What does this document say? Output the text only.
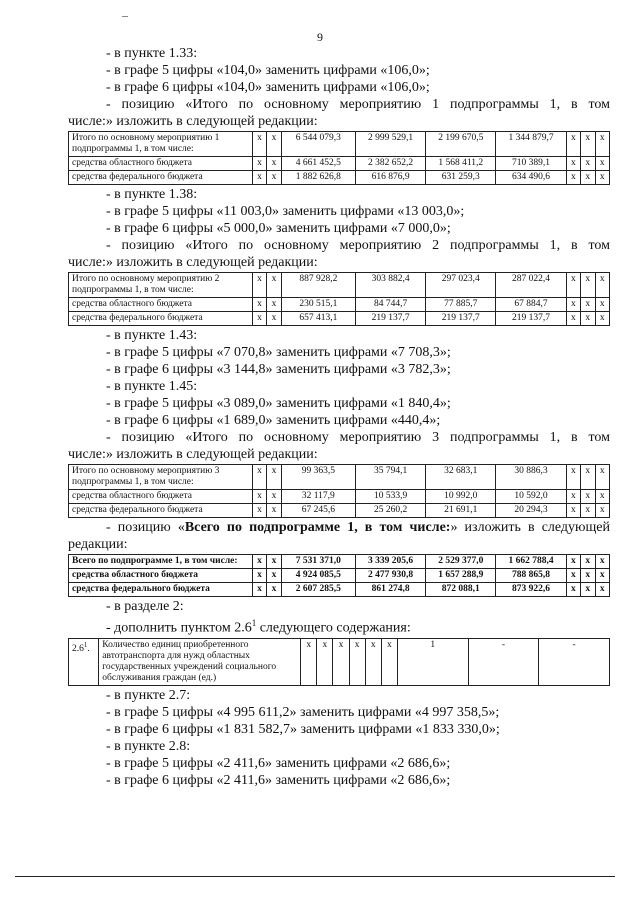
9
- в пункте 1.33:
- в графе 5 цифры «104,0» заменить цифрами «106,0»;
- в графе 6 цифры «104,0» заменить цифрами «106,0»;
- позицию «Итого по основному мероприятию 1 подпрограммы 1, в том
числе:» изложить в следующей редакции:
Итого по основному мероприятию 1 подпрограммы 1, в том числе:	x	x	6 544 079,3	2 999 529,1	2 199 670,5	1 344 879,7	x	x	x
средства областного бюджета	x	x	4 661 452,5	2 382 652,2	1 568 411,2	710 389,1	x	x	x
средства федерального бюджета	x	x	1 882 626,8	616 876,9	631 259,3	634 490,6	x	x	x
- в пункте 1.38:
- в графе 5 цифры «11 003,0» заменить цифрами «13 003,0»;
- в графе 6 цифры «5 000,0» заменить цифрами «7 000,0»;
- позицию «Итого по основному мероприятию 2 подпрограммы 1, в том
числе:» изложить в следующей редакции:
Итого по основному мероприятию 2 подпрограммы 1, в том числе:	x	x	887 928,2	303 882,4	297 023,4	287 022,4	x	x	x
средства областного бюджета	x	x	230 515,1	84 744,7	77 885,7	67 884,7	x	x	x
средства федерального бюджета	x	x	657 413,1	219 137,7	219 137,7	219 137,7	x	x	x
- в пункте 1.43:
- в графе 5 цифры «7 070,8» заменить цифрами «7 708,3»;
- в графе 6 цифры «3 144,8» заменить цифрами «3 782,3»;
- в пункте 1.45:
- в графе 5 цифры «3 089,0» заменить цифрами «1 840,4»;
- в графе 6 цифры «1 689,0» заменить цифрами «440,4»;
- позицию «Итого по основному мероприятию 3 подпрограммы 1, в том
числе:» изложить в следующей редакции:
Итого по основному мероприятию 3 подпрограммы 1, в том числе:	x	x	99 363,5	35 794,1	32 683,1	30 886,3	x	x	x
средства областного бюджета	x	x	32 117,9	10 533,9	10 992,0	10 592,0	x	x	x
средства федерального бюджета	x	x	67 245,6	25 260,2	21 691,1	20 294,3	x	x	x
- позицию «Всего по подпрограмме 1, в том числе:» изложить в следующей
редакции:
Всего по подпрограмме 1, в том числе:	x	x	7 531 371,0	3 339 205,6	2 529 377,0	1 662 788,4	x	x	x
средства областного бюджета	x	x	4 924 085,5	2 477 930,8	1 657 288,9	788 865,8	x	x	x
средства федерального бюджета	x	x	2 607 285,5	861 274,8	872 088,1	873 922,6	x	x	x
- в разделе 2:
- дополнить пунктом $2.6^1$ следующего содержания:
$2.6^1$.	Количество единиц приобретенного автотранспорта для нужд областных государственных учреждений социального обслуживания граждан (ед.)	x	x	x	x	x	x	1	-	-
- в пункте 2.7:
- в графе 5 цифры «4 995 611,2» заменить цифрами «4 997 358,5»;
- в графе 6 цифры «1 831 582,7» заменить цифрами «1 833 330,0»;
- в пункте 2.8:
- в графе 5 цифры «2 411,6» заменить цифрами «2 686,6»;
- в графе 6 цифры «2 411,6» заменить цифрами «2 686,6»;
